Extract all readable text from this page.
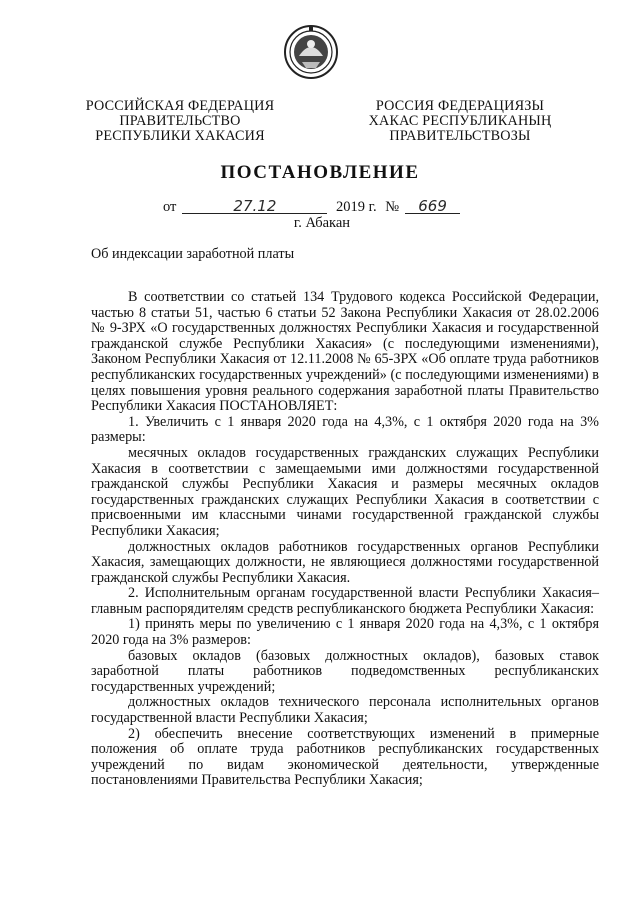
РОССИЙСКАЯ ФЕДЕРАЦИЯ
ПРАВИТЕЛЬСТВО
РЕСПУБЛИКИ ХАКАСИЯ
РОССИЯ ФЕДЕРАЦИЯЗЫ
ХАКАС РЕСПУБЛИКАНЫҢ
ПРАВИТЕЛЬСТВОЗЫ
ПОСТАНОВЛЕНИЕ
от	27.12	2019 г. № 669
г. Абакан
Об индексации заработной платы

В соответствии со статьей 134 Трудового кодекса Российской Федерации, частью 8 статьи 51, частью 6 статьи 52 Закона Республики Хакасия от 28.02.2006 № 9-ЗРХ «О государственных должностях Республики Хакасия и государственной гражданской службе Республики Хакасия» (с последующими изменениями), Законом Республики Хакасия от 12.11.2008 № 65-ЗРХ «Об оплате труда работников республиканских государственных учреждений» (с последующими изменениями) в целях повышения уровня реального содержания заработной платы Правительство Республики Хакасия ПОСТАНОВЛЯЕТ:

1. Увеличить с 1 января 2020 года на 4,3%, с 1 октября 2020 года на 3% размеры:

месячных окладов государственных гражданских служащих Республики Хакасия в соответствии с замещаемыми ими должностями государственной гражданской службы Республики Хакасия и размеры месячных окладов государственных гражданских служащих Республики Хакасия в соответствии с присвоенными им классными чинами государственной гражданской службы Республики Хакасия;

должностных окладов работников государственных органов Республики Хакасия, замещающих должности, не являющиеся должностями государственной гражданской службы Республики Хакасия.

2. Исполнительным органам государственной власти Республики Хакасия– главным распорядителям средств республиканского бюджета Республики Хакасия:

1) принять меры по увеличению с 1 января 2020 года на 4,3%, с 1 октября 2020 года на 3% размеров:

базовых окладов (базовых должностных окладов), базовых ставок заработной платы работников подведомственных республиканских государственных учреждений;

должностных окладов технического персонала исполнительных органов государственной власти Республики Хакасия;

2) обеспечить внесение соответствующих изменений в примерные положения об оплате труда работников республиканских государственных учреждений по видам экономической деятельности, утвержденные постановлениями Правительства Республики Хакасия;
